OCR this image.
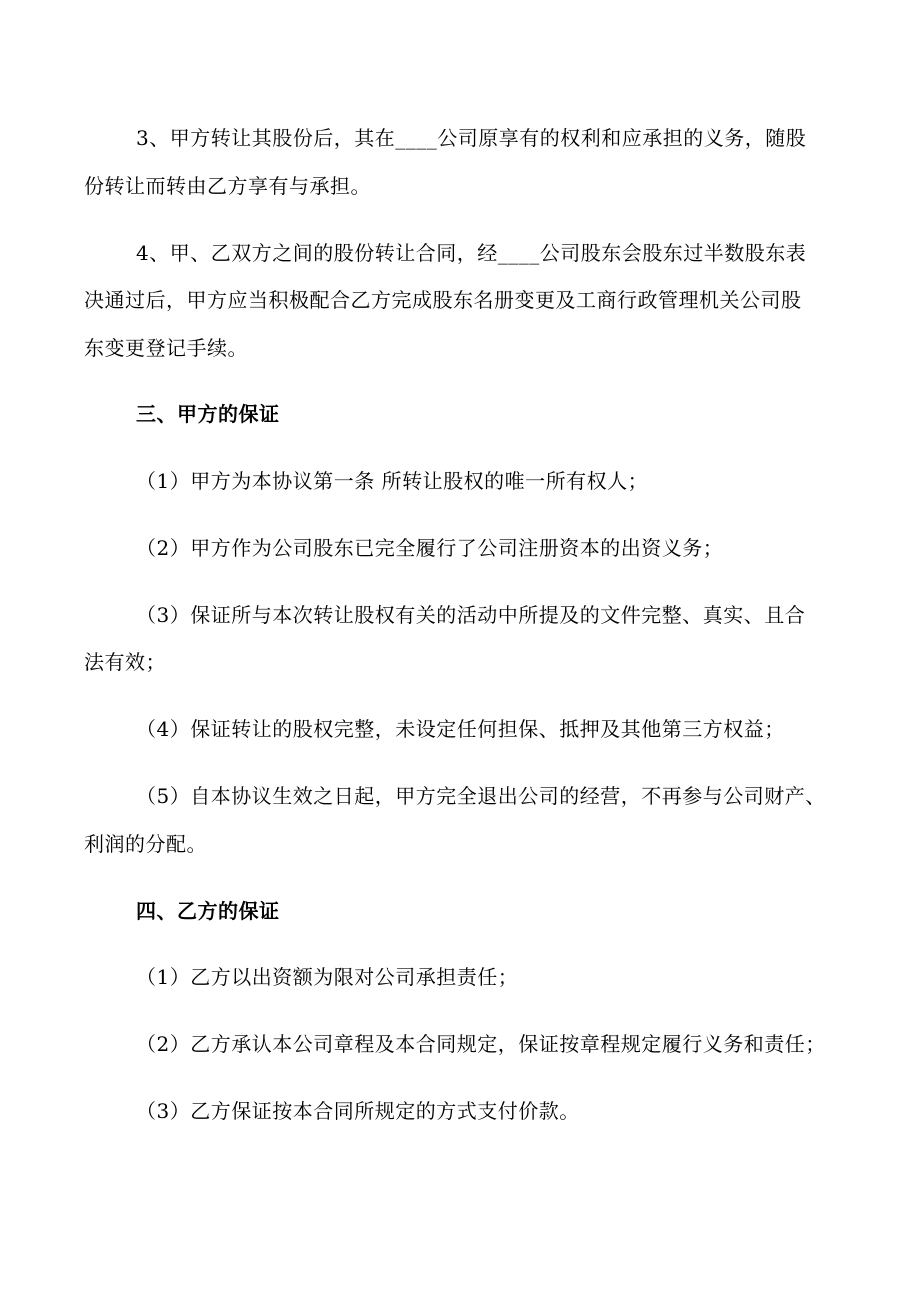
3、甲方转让其股份后，其在____公司原享有的权利和应承担的义务，随股
份转让而转由乙方享有与承担。
4、甲、乙双方之间的股份转让合同，经____公司股东会股东过半数股东表
决通过后，甲方应当积极配合乙方完成股东名册变更及工商行政管理机关公司股
东变更登记手续。
三、甲方的保证
（1）甲方为本协议第一条 所转让股权的唯一所有权人；
（2）甲方作为公司股东已完全履行了公司注册资本的出资义务；
（3）保证所与本次转让股权有关的活动中所提及的文件完整、真实、且合
法有效；
（4）保证转让的股权完整，未设定任何担保、抵押及其他第三方权益；
（5）自本协议生效之日起，甲方完全退出公司的经营，不再参与公司财产、
利润的分配。
四、乙方的保证
（1）乙方以出资额为限对公司承担责任；
（2）乙方承认本公司章程及本合同规定，保证按章程规定履行义务和责任；
（3）乙方保证按本合同所规定的方式支付价款。
